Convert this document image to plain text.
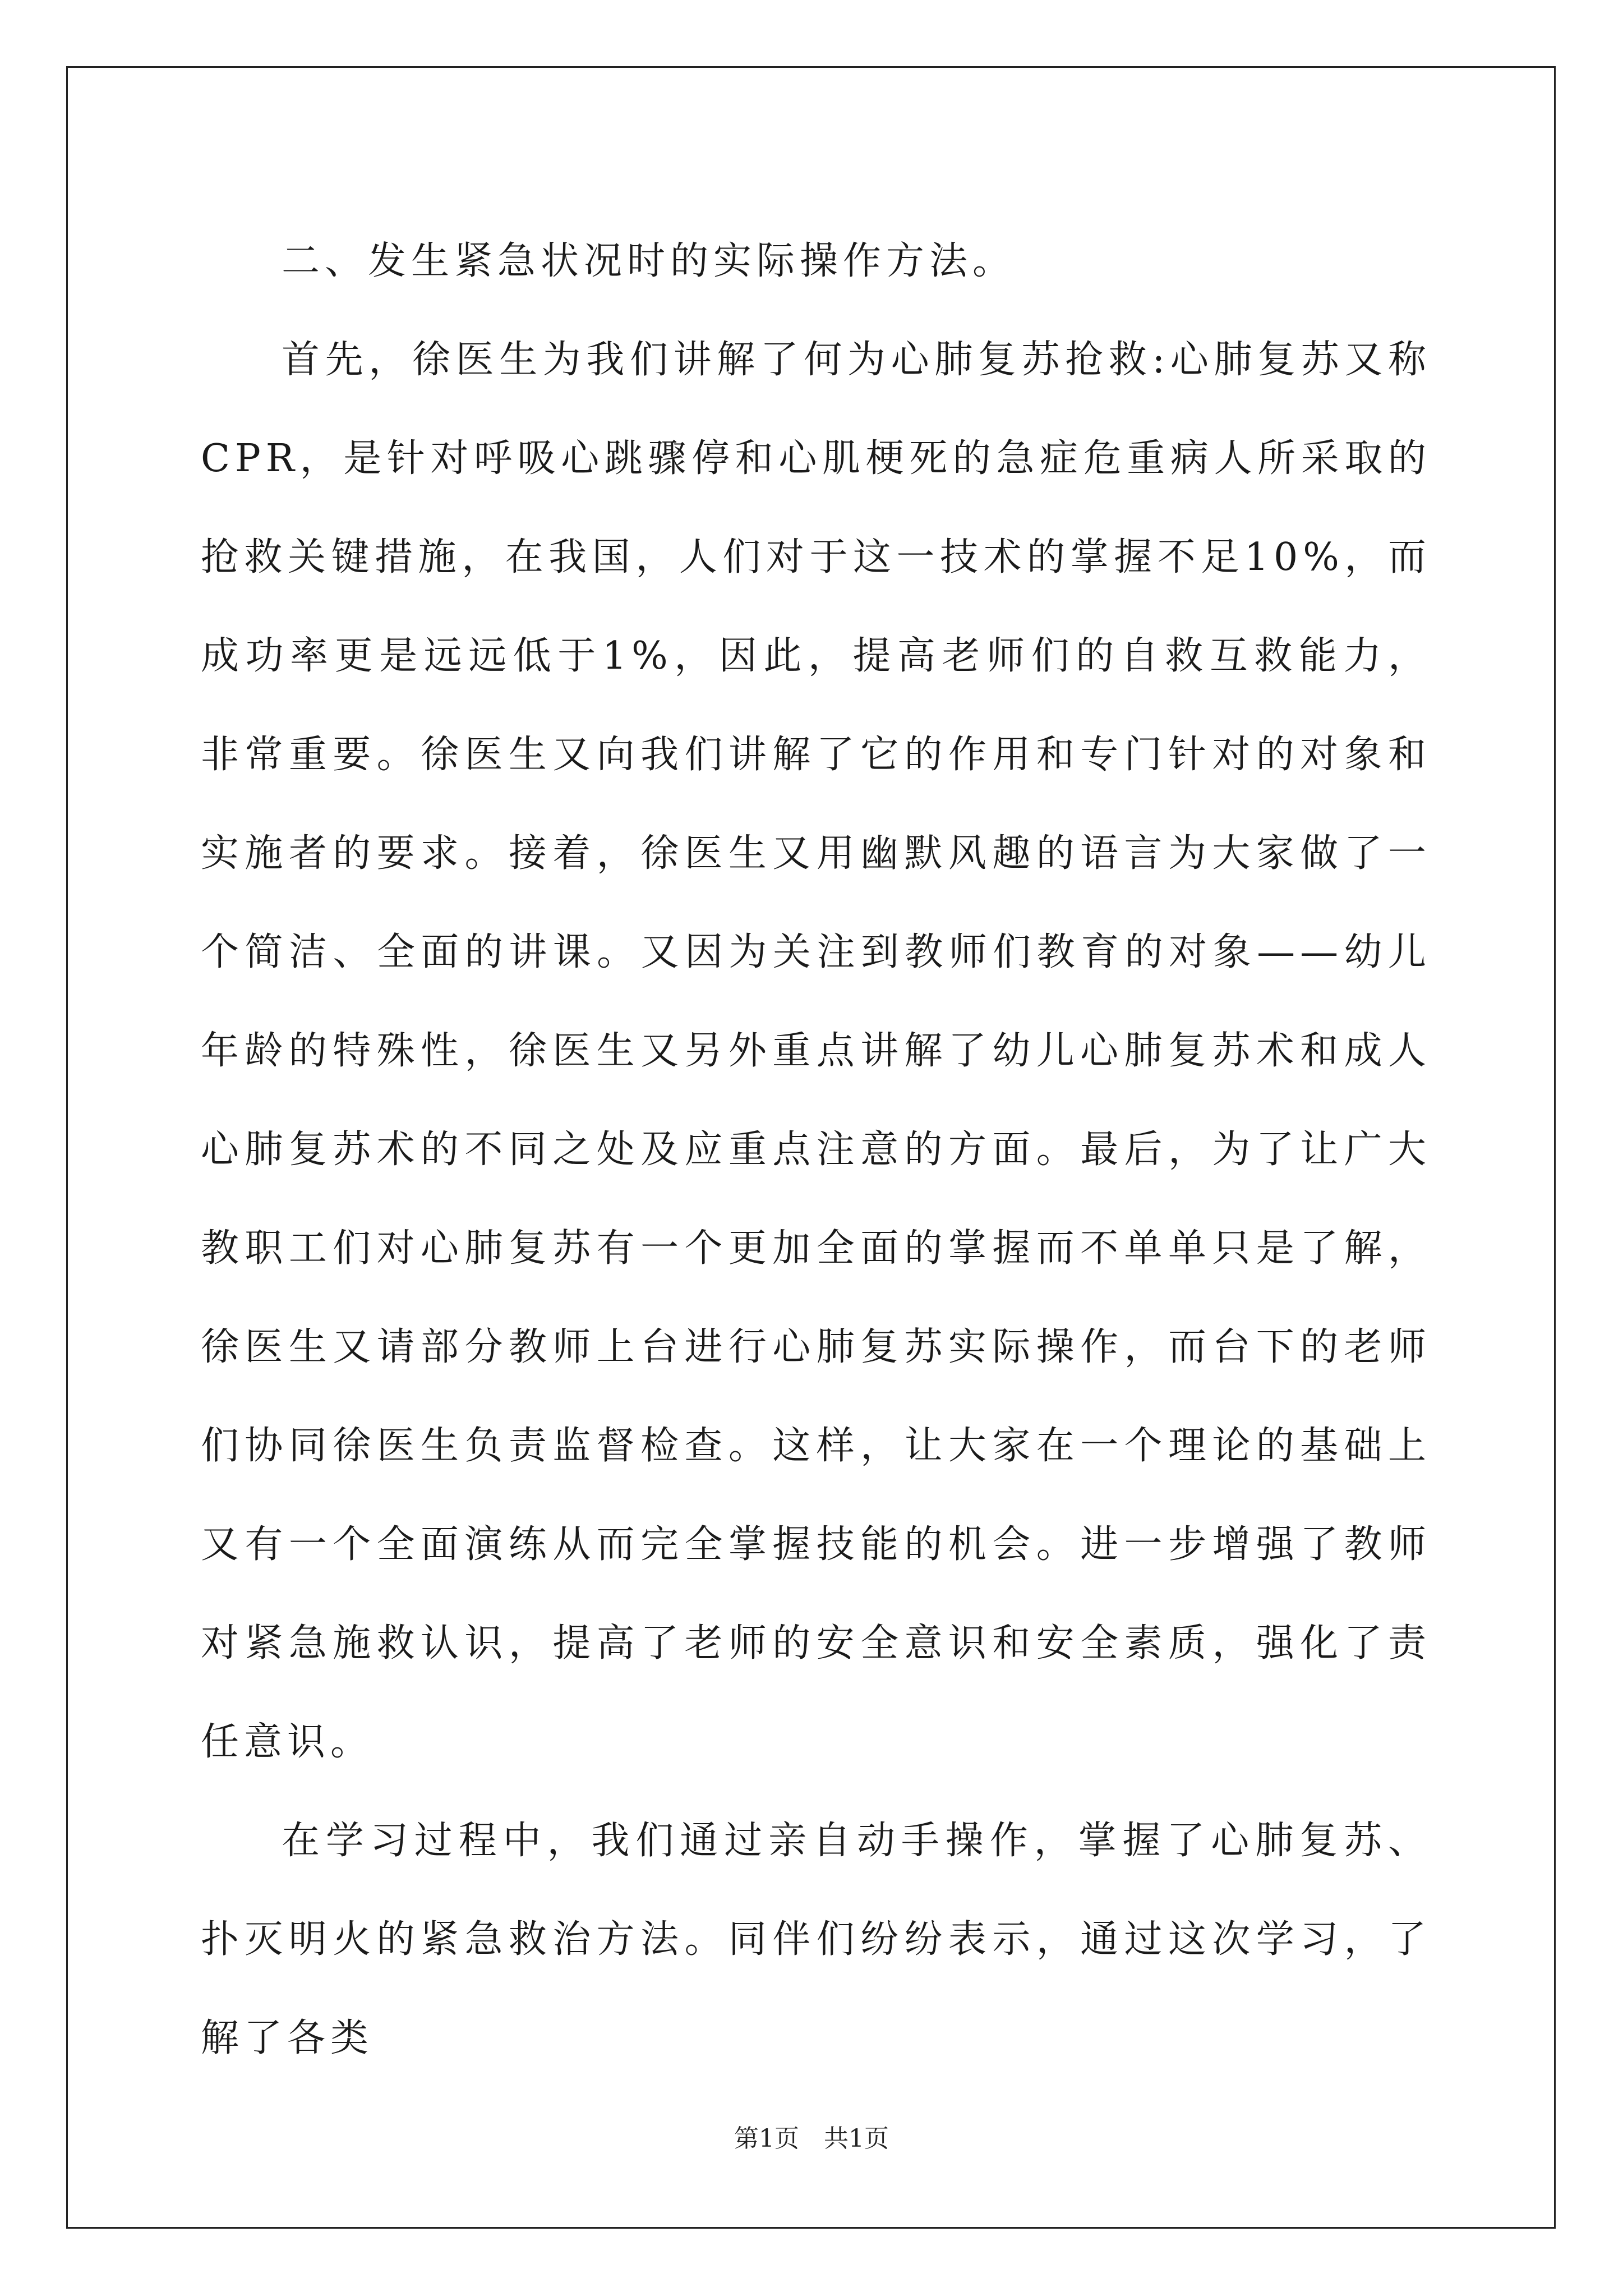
二、发生紧急状况时的实际操作方法。

首先，徐医生为我们讲解了何为心肺复苏抢救:心肺复苏又称CPR，是针对呼吸心跳骤停和心肌梗死的急症危重病人所采取的抢救关键措施，在我国，人们对于这一技术的掌握不足10%，而成功率更是远远低于1%，因此，提高老师们的自救互救能力，非常重要。徐医生又向我们讲解了它的作用和专门针对的对象和实施者的要求。接着，徐医生又用幽默风趣的语言为大家做了一个简洁、全面的讲课。又因为关注到教师们教育的对象——幼儿年龄的特殊性，徐医生又另外重点讲解了幼儿心肺复苏术和成人心肺复苏术的不同之处及应重点注意的方面。最后，为了让广大教职工们对心肺复苏有一个更加全面的掌握而不单单只是了解，徐医生又请部分教师上台进行心肺复苏实际操作，而台下的老师们协同徐医生负责监督检查。这样，让大家在一个理论的基础上又有一个全面演练从而完全掌握技能的机会。进一步增强了教师对紧急施救认识，提高了老师的安全意识和安全素质，强化了责任意识。

在学习过程中，我们通过亲自动手操作，掌握了心肺复苏、扑灭明火的紧急救治方法。同伴们纷纷表示，通过这次学习，了解了各类

第1页 共1页
